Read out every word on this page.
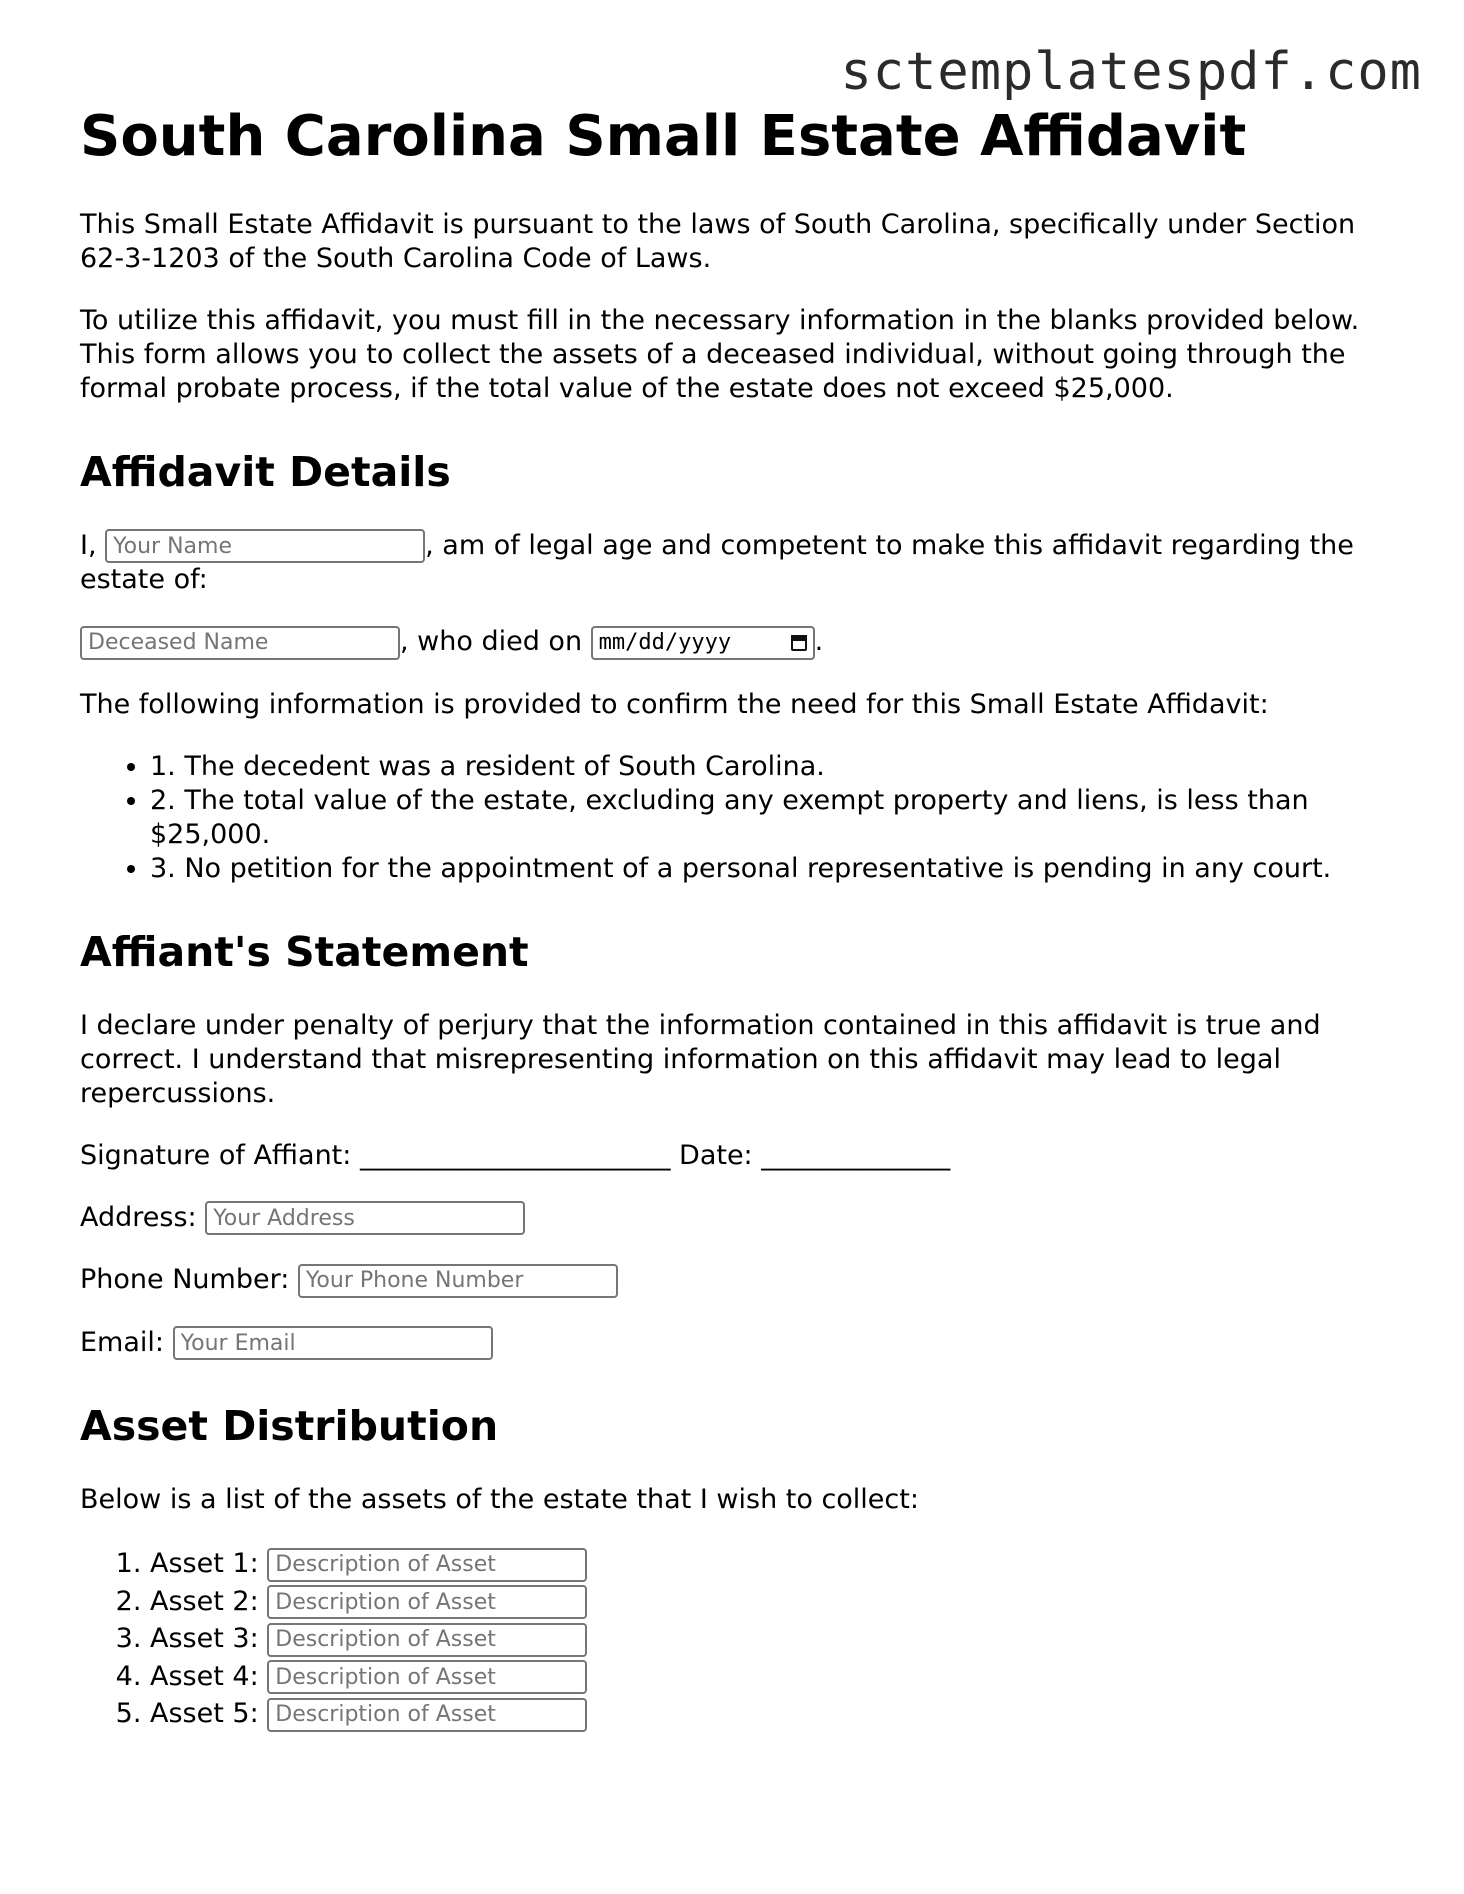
sctemplatespdf.com
South Carolina Small Estate Affidavit

This Small Estate Affidavit is pursuant to the laws of South Carolina, specifically under Section 62-3-1203 of the South Carolina Code of Laws.

To utilize this affidavit, you must fill in the necessary information in the blanks provided below. This form allows you to collect the assets of a deceased individual, without going through the formal probate process, if the total value of the estate does not exceed $25,000.

Affidavit Details
I, Your Name	, am of legal age and competent to make this affidavit regarding the estate of:
Deceased Name, who died on mm/dd/yyyy	.

The following information is provided to confirm the need for this Small Estate Affidavit:

• 1. The decedent was a resident of South Carolina.
• 2. The total value of the estate, excluding any exempt property and liens, is less than $25,000.
• 3. No petition for the appointment of a personal representative is pending in any court.
Affiant's Statement

I declare under penalty of perjury that the information contained in this affidavit is true and correct. I understand that misrepresenting information on this affidavit may lead to legal repercussions.

Signature of Affiant: _______________________ Date: ______________

Address: Your Address
Phone Number: Your Phone Number
Email: Your Email
Asset Distribution

Below is a list of the assets of the estate that I wish to collect:

1. Asset 1: Description of Asset
2. Asset 2: Description of Asset
3. Asset 3: Description of Asset
4. Asset 4: Description of Asset
5. Asset 5: Description of Asset
